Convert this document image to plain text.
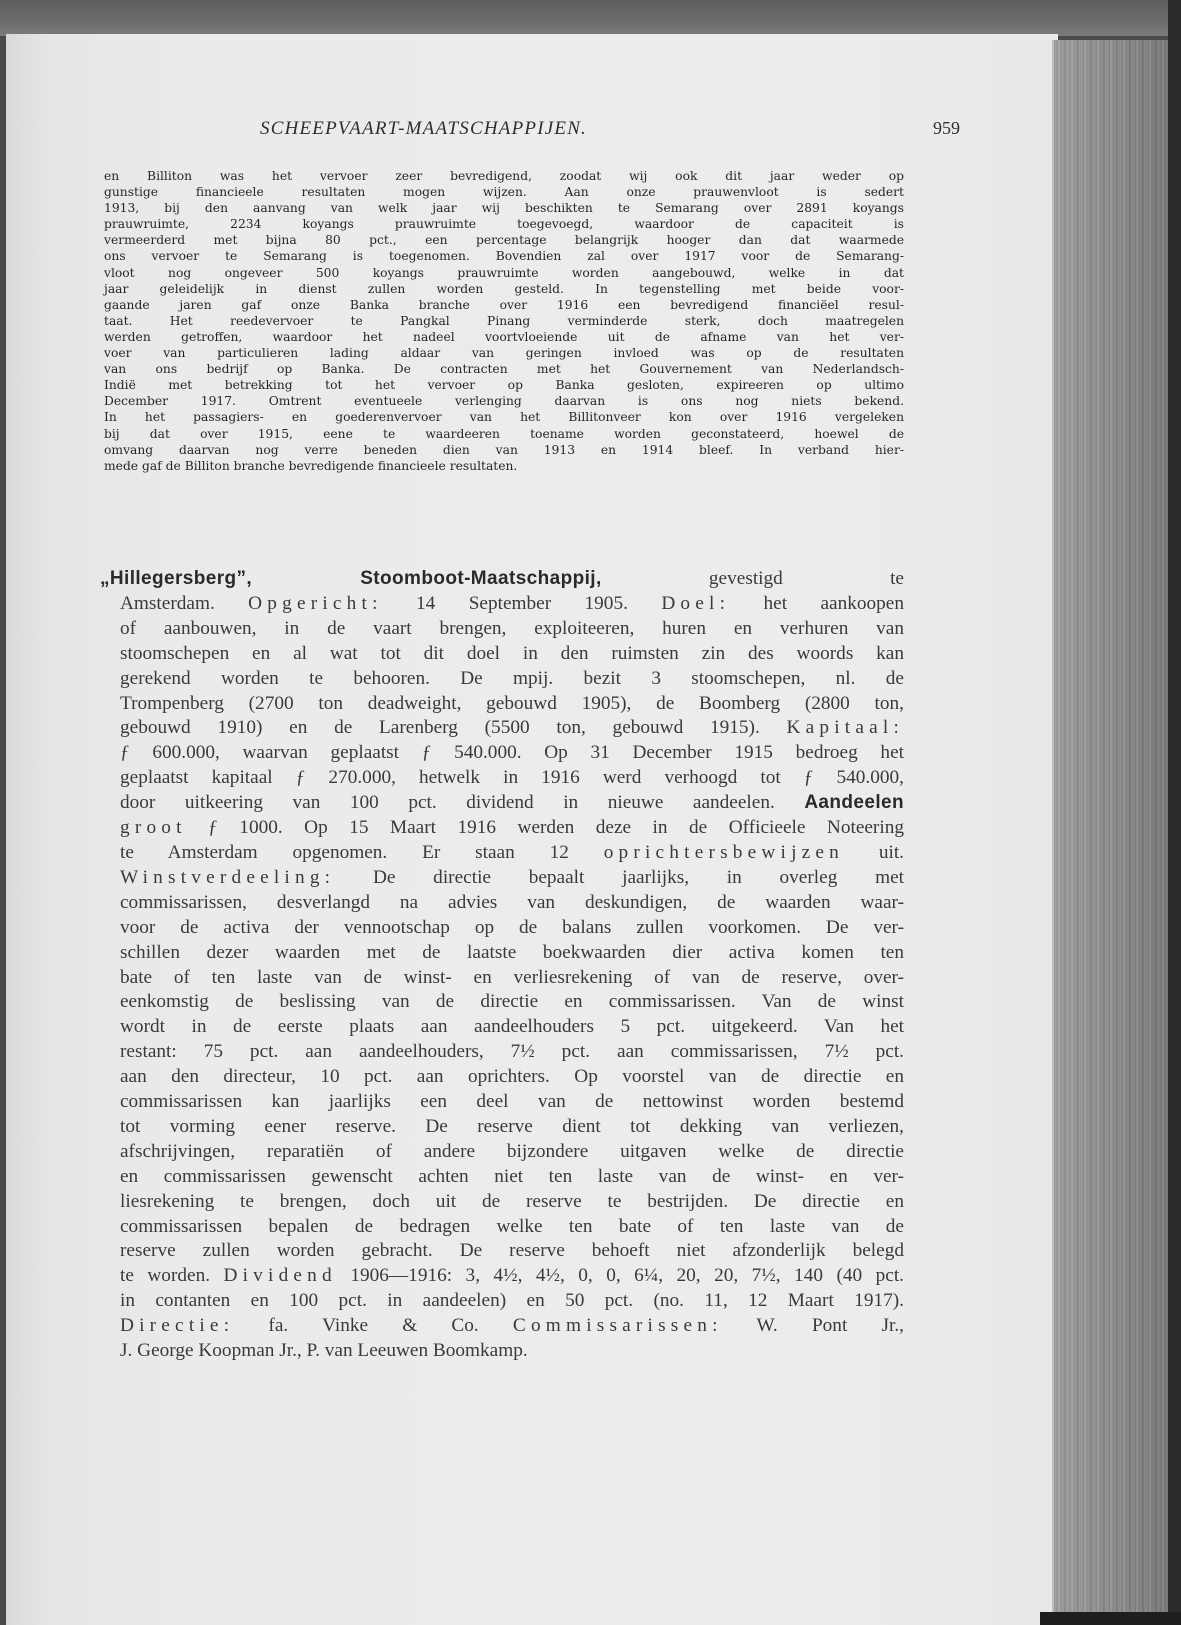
SCHEEPVAART-MAATSCHAPPIJEN.	959
en Billiton was het vervoer zeer bevredigend, zoodat wij ook dit jaar weder op
gunstige financieele resultaten mogen wijzen. Aan onze prauwenvloot is sedert
1913, bij den aanvang van welk jaar wij beschikten te Semarang over 2891 koyangs
prauwruimte, 2234 koyangs prauwruimte toegevoegd, waardoor de capaciteit is
vermeerderd met bijna 80 pct., een percentage belangrijk hooger dan dat waarmede
ons vervoer te Semarang is toegenomen. Bovendien zal over 1917 voor de Semarang-
vloot nog ongeveer 500 koyangs prauwruimte worden aangebouwd, welke in dat
jaar geleidelijk in dienst zullen worden gesteld. In tegenstelling met beide voor-
gaande jaren gaf onze Banka branche over 1916 een bevredigend financiëel resul-
taat. Het reedevervoer te Pangkal Pinang verminderde sterk, doch maatregelen
werden getroffen, waardoor het nadeel voortvloeiende uit de afname van het ver-
voer van particulieren lading aldaar van geringen invloed was op de resultaten
van ons bedrijf op Banka. De contracten met het Gouvernement van Nederlandsch-
Indië met betrekking tot het vervoer op Banka gesloten, expireeren op ultimo
December 1917. Omtrent eventueele verlenging daarvan is ons nog niets bekend.
In het passagiers- en goederenvervoer van het Billitonveer kon over 1916 vergeleken
bij dat over 1915, eene te waardeeren toename worden geconstateerd, hoewel de
omvang daarvan nog verre beneden dien van 1913 en 1914 bleef. In verband hier-
mede gaf de Billiton branche bevredigende financieele resultaten.
„Hillegersberg”, Stoomboot-Maatschappij, gevestigd te
Amsterdam. Opgericht: 14 September 1905. Doel: het aankoopen
of aanbouwen, in de vaart brengen, exploiteeren, huren en verhuren van
stoomschepen en al wat tot dit doel in den ruimsten zin des woords kan
gerekend worden te behooren. De mpij. bezit 3 stoomschepen, nl. de
Trompenberg (2700 ton deadweight, gebouwd 1905), de Boomberg (2800 ton,
gebouwd 1910) en de Larenberg (5500 ton, gebouwd 1915). Kapitaal:
ƒ 600.000, waarvan geplaatst ƒ 540.000. Op 31 December 1915 bedroeg het
geplaatst kapitaal ƒ 270.000, hetwelk in 1916 werd verhoogd tot ƒ 540.000,
door uitkeering van 100 pct. dividend in nieuwe aandeelen. Aandeelen
groot ƒ 1000. Op 15 Maart 1916 werden deze in de Officieele Noteering
te Amsterdam opgenomen. Er staan 12 oprichtersbewijzen uit.
Winstverdeeling: De directie bepaalt jaarlijks, in overleg met
commissarissen, desverlangd na advies van deskundigen, de waarden waar-
voor de activa der vennootschap op de balans zullen voorkomen. De ver-
schillen dezer waarden met de laatste boekwaarden dier activa komen ten
bate of ten laste van de winst- en verliesrekening of van de reserve, over-
eenkomstig de beslissing van de directie en commissarissen. Van de winst
wordt in de eerste plaats aan aandeelhouders 5 pct. uitgekeerd. Van het
restant: 75 pct. aan aandeelhouders, 7½ pct. aan commissarissen, 7½ pct.
aan den directeur, 10 pct. aan oprichters. Op voorstel van de directie en
commissarissen kan jaarlijks een deel van de nettowinst worden bestemd
tot vorming eener reserve. De reserve dient tot dekking van verliezen,
afschrijvingen, reparatiën of andere bijzondere uitgaven welke de directie
en commissarissen gewenscht achten niet ten laste van de winst- en ver-
liesrekening te brengen, doch uit de reserve te bestrijden. De directie en
commissarissen bepalen de bedragen welke ten bate of ten laste van de
reserve zullen worden gebracht. De reserve behoeft niet afzonderlijk belegd
te worden. Dividend 1906—1916: 3, 4½, 4½, 0, 0, 6¼, 20, 20, 7½, 140 (40 pct.
in contanten en 100 pct. in aandeelen) en 50 pct. (no. 11, 12 Maart 1917).
Directie: fa. Vinke & Co. Commissarissen: W. Pont Jr.,
J. George Koopman Jr., P. van Leeuwen Boomkamp.
